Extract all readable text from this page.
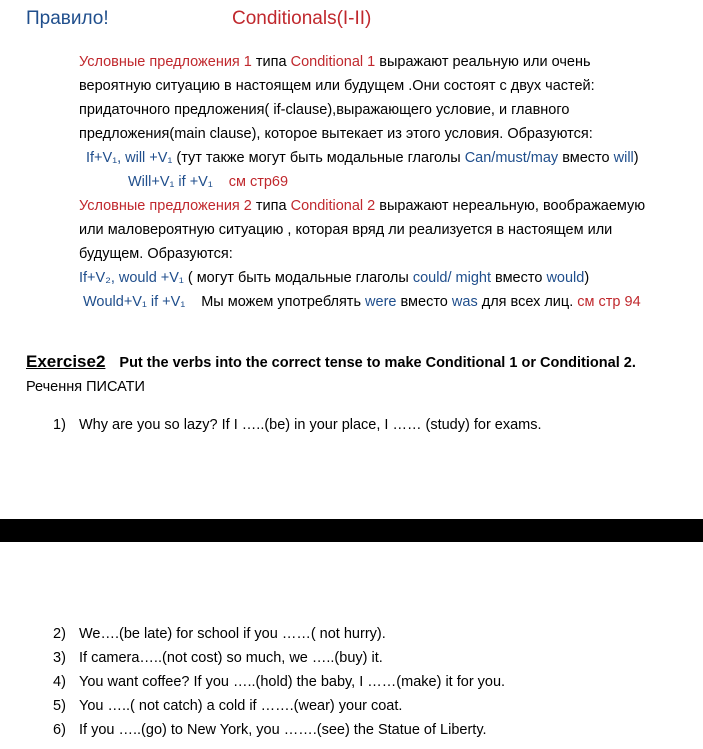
Правило!	Conditionals(I-II)
Условные предложения 1 типа Conditional 1 выражают реальную или очень
вероятную ситуацию в настоящем или будущем .Они состоят с двух частей:
придаточного предложения( if-clause),выражающего условие, и главного
предложения(main clause), которое вытекает из этого условия. Образуются:
If+V₁, will +V₁ (тут также могут быть модальные глаголы Can/must/may вместо will)
Will+V₁ if +V₁ см стр69
Условные предложения 2 типа Conditional 2 выражают нереальную, воображаемую
или маловероятную ситуацию , которая вряд ли реализуется в настоящем или
будущем. Образуются:
If+V₂, would +V₁ ( могут быть модальные глаголы could/ might вместо would)
Would+V₁ if +V₁ Мы можем употреблять were вместо was для всех лиц. см стр 94
Exercise2 Put the verbs into the correct tense to make Conditional 1 or Conditional 2.
Речення ПИСАТИ
1) Why are you so lazy? If I …..(be) in your place, I …… (study) for exams.
2) We….(be late) for school if you ……( not hurry).
3) If camera…..(not cost) so much, we …..(buy) it.
4) You want coffee? If you …..(hold) the baby, I ……(make) it for you.
5) You …..( not catch) a cold if …….(wear) your coat.
6) If you …..(go) to New York, you …….(see) the Statue of Liberty.
